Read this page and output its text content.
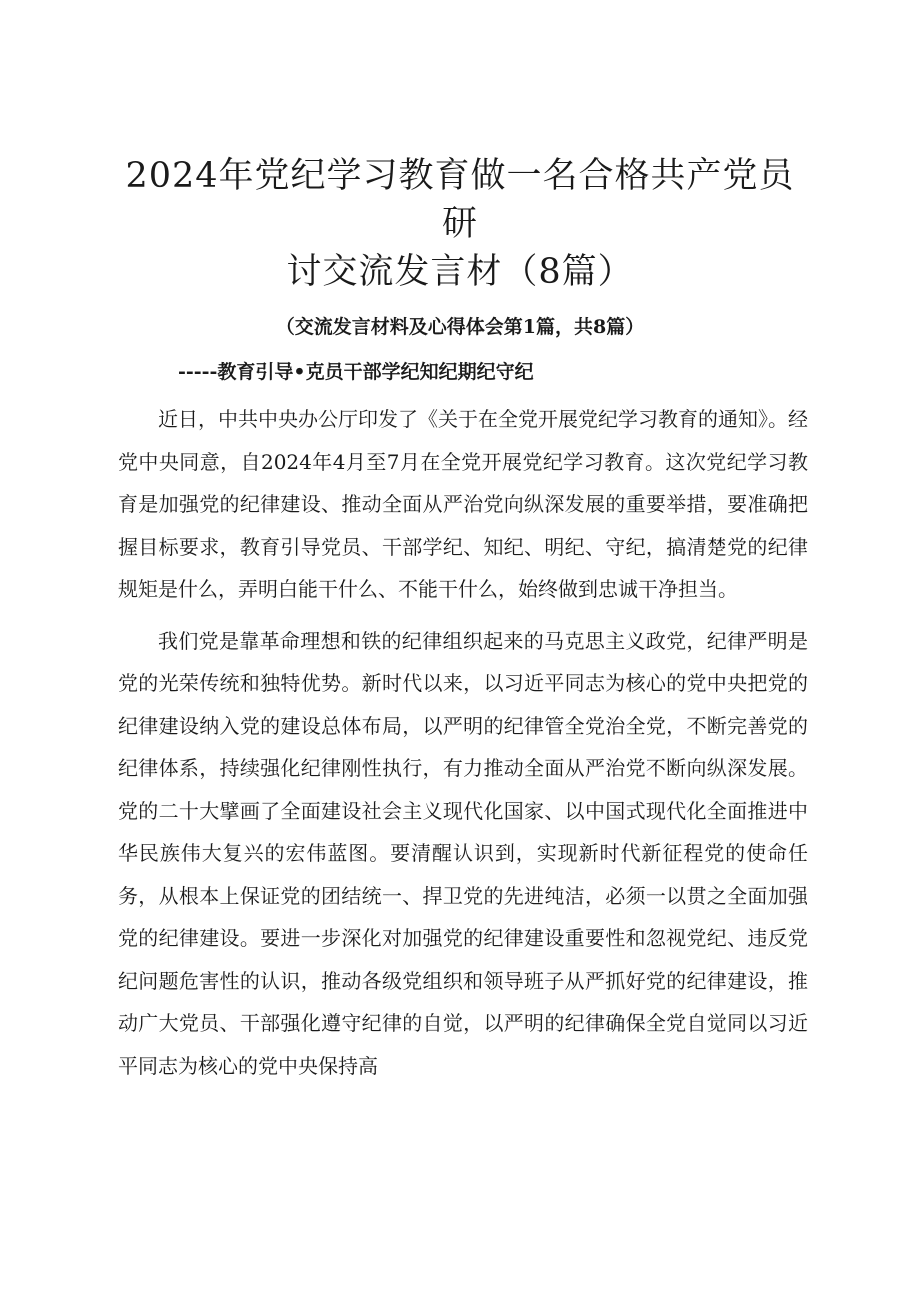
2024年党纪学习教育做一名合格共产党员研
讨交流发言材（8篇）

（交流发言材料及心得体会第1篇，共8篇）

-----教育引导•克员干部学纪知纪期纪守纪

近日，中共中央办公厅印发了《关于在全党开展党纪学习教育的通知》。经党中央同意，自2024年4月至7月在全党开展党纪学习教育。这次党纪学习教育是加强党的纪律建设、推动全面从严治党向纵深发展的重要举措，要准确把握目标要求，教育引导党员、干部学纪、知纪、明纪、守纪，搞清楚党的纪律规矩是什么，弄明白能干什么、不能干什么，始终做到忠诚干净担当。

我们党是靠革命理想和铁的纪律组织起来的马克思主义政党，纪律严明是党的光荣传统和独特优势。新时代以来，以习近平同志为核心的党中央把党的纪律建设纳入党的建设总体布局，以严明的纪律管全党治全党，不断完善党的纪律体系，持续强化纪律刚性执行，有力推动全面从严治党不断向纵深发展。党的二十大擘画了全面建设社会主义现代化国家、以中国式现代化全面推进中华民族伟大复兴的宏伟蓝图。要清醒认识到，实现新时代新征程党的使命任务，从根本上保证党的团结统一、捍卫党的先进纯洁，必须一以贯之全面加强党的纪律建设。要进一步深化对加强党的纪律建设重要性和忽视党纪、违反党纪问题危害性的认识，推动各级党组织和领导班子从严抓好党的纪律建设，推动广大党员、干部强化遵守纪律的自觉，以严明的纪律确保全党自觉同以习近平同志为核心的党中央保持高
